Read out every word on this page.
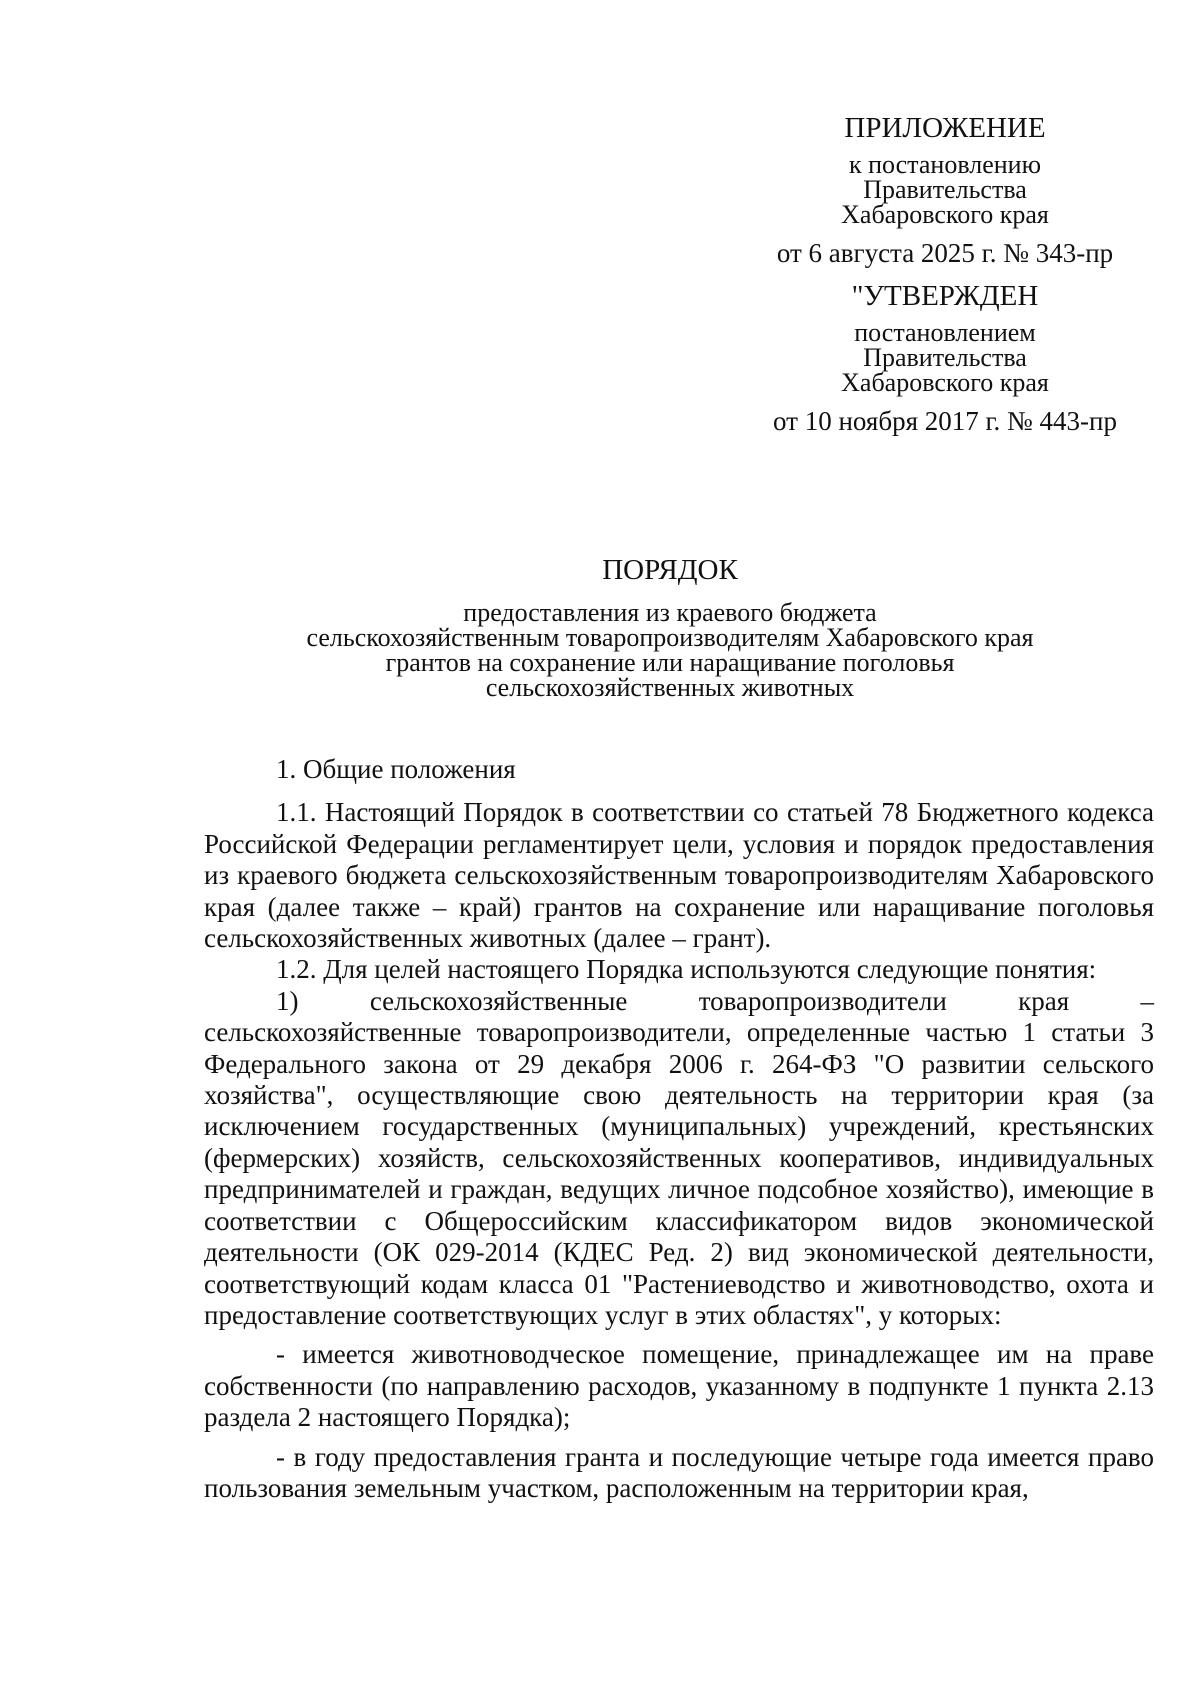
ПРИЛОЖЕНИЕ
к постановлению
Правительства
Хабаровского края
от 6 августа 2025 г. № 343-пр
"УТВЕРЖДЕН
постановлением
Правительства
Хабаровского края
от 10 ноября 2017 г. № 443-пр
ПОРЯДОК
предоставления из краевого бюджета
сельскохозяйственным товаропроизводителям Хабаровского края
грантов на сохранение или наращивание поголовья
сельскохозяйственных животных

1. Общие положения

1.1. Настоящий Порядок в соответствии со статьей 78 Бюджетного кодекса Российской Федерации регламентирует цели, условия и порядок предоставления из краевого бюджета сельскохозяйственным товаропроизводителям Хабаровского края (далее также – край) грантов на сохранение или наращивание поголовья сельскохозяйственных животных (далее – грант).

1.2. Для целей настоящего Порядка используются следующие понятия:

1) сельскохозяйственные товаропроизводители края – сельскохозяйственные товаропроизводители, определенные частью 1 статьи 3 Федерального закона от 29 декабря 2006 г. 264-ФЗ "О развитии сельского хозяйства", осуществляющие свою деятельность на территории края (за исключением государственных (муниципальных) учреждений, крестьянских (фермерских) хозяйств, сельскохозяйственных кооперативов, индивидуальных предпринимателей и граждан, ведущих личное подсобное хозяйство), имеющие в соответствии с Общероссийским классификатором видов экономической деятельности (ОК 029-2014 (КДЕС Ред. 2) вид экономической деятельности, соответствующий кодам класса 01 "Растениеводство и животноводство, охота и предоставление соответствующих услуг в этих областях", у которых:

- имеется животноводческое помещение, принадлежащее им на праве собственности (по направлению расходов, указанному в подпункте 1 пункта 2.13 раздела 2 настоящего Порядка);

- в году предоставления гранта и последующие четыре года имеется право пользования земельным участком, расположенным на территории края,
